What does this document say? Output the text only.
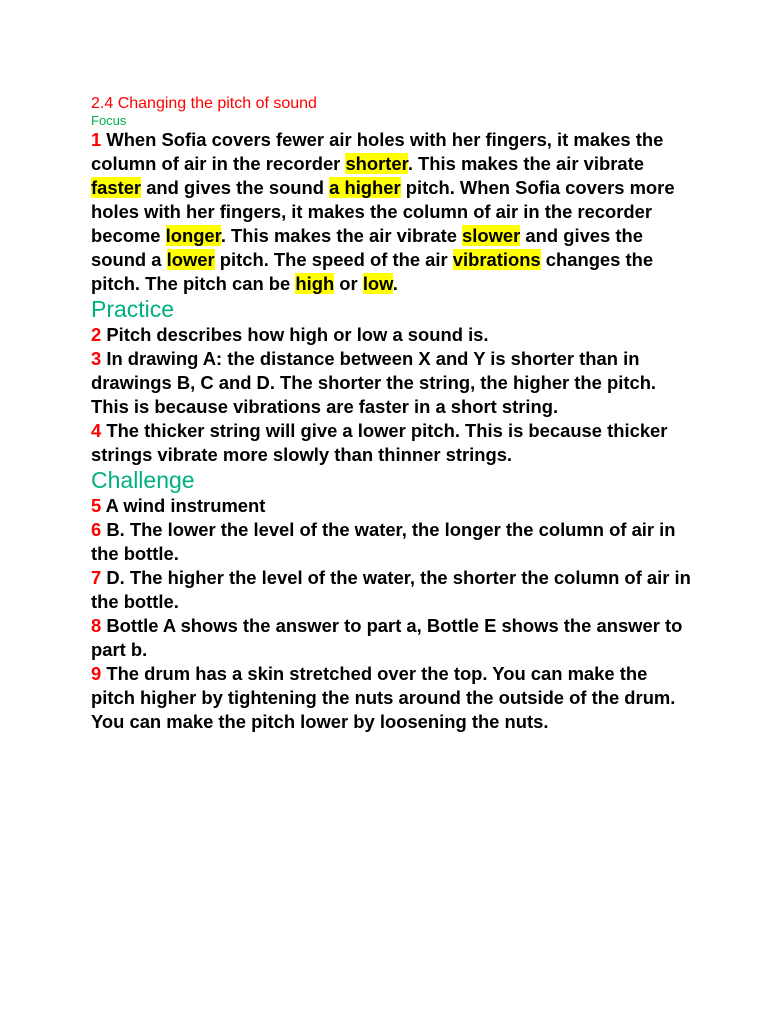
2.4 Changing the pitch of sound

Focus

1 When Sofia covers fewer air holes with her fingers, it makes the column of air in the recorder shorter. This makes the air vibrate faster and gives the sound a higher pitch. When Sofia covers more holes with her fingers, it makes the column of air in the recorder become longer. This makes the air vibrate slower and gives the sound a lower pitch. The speed of the air vibrations changes the pitch. The pitch can be high or low.

Practice

2 Pitch describes how high or low a sound is.

3 In drawing A: the distance between X and Y is shorter than in drawings B, C and D. The shorter the string, the higher the pitch. This is because vibrations are faster in a short string.

4 The thicker string will give a lower pitch. This is because thicker strings vibrate more slowly than thinner strings.

Challenge

5 A wind instrument

6 B. The lower the level of the water, the longer the column of air in the bottle.

7 D. The higher the level of the water, the shorter the column of air in the bottle.

8 Bottle A shows the answer to part a, Bottle E shows the answer to part b.

9 The drum has a skin stretched over the top. You can make the pitch higher by tightening the nuts around the outside of the drum. You can make the pitch lower by loosening the nuts.
